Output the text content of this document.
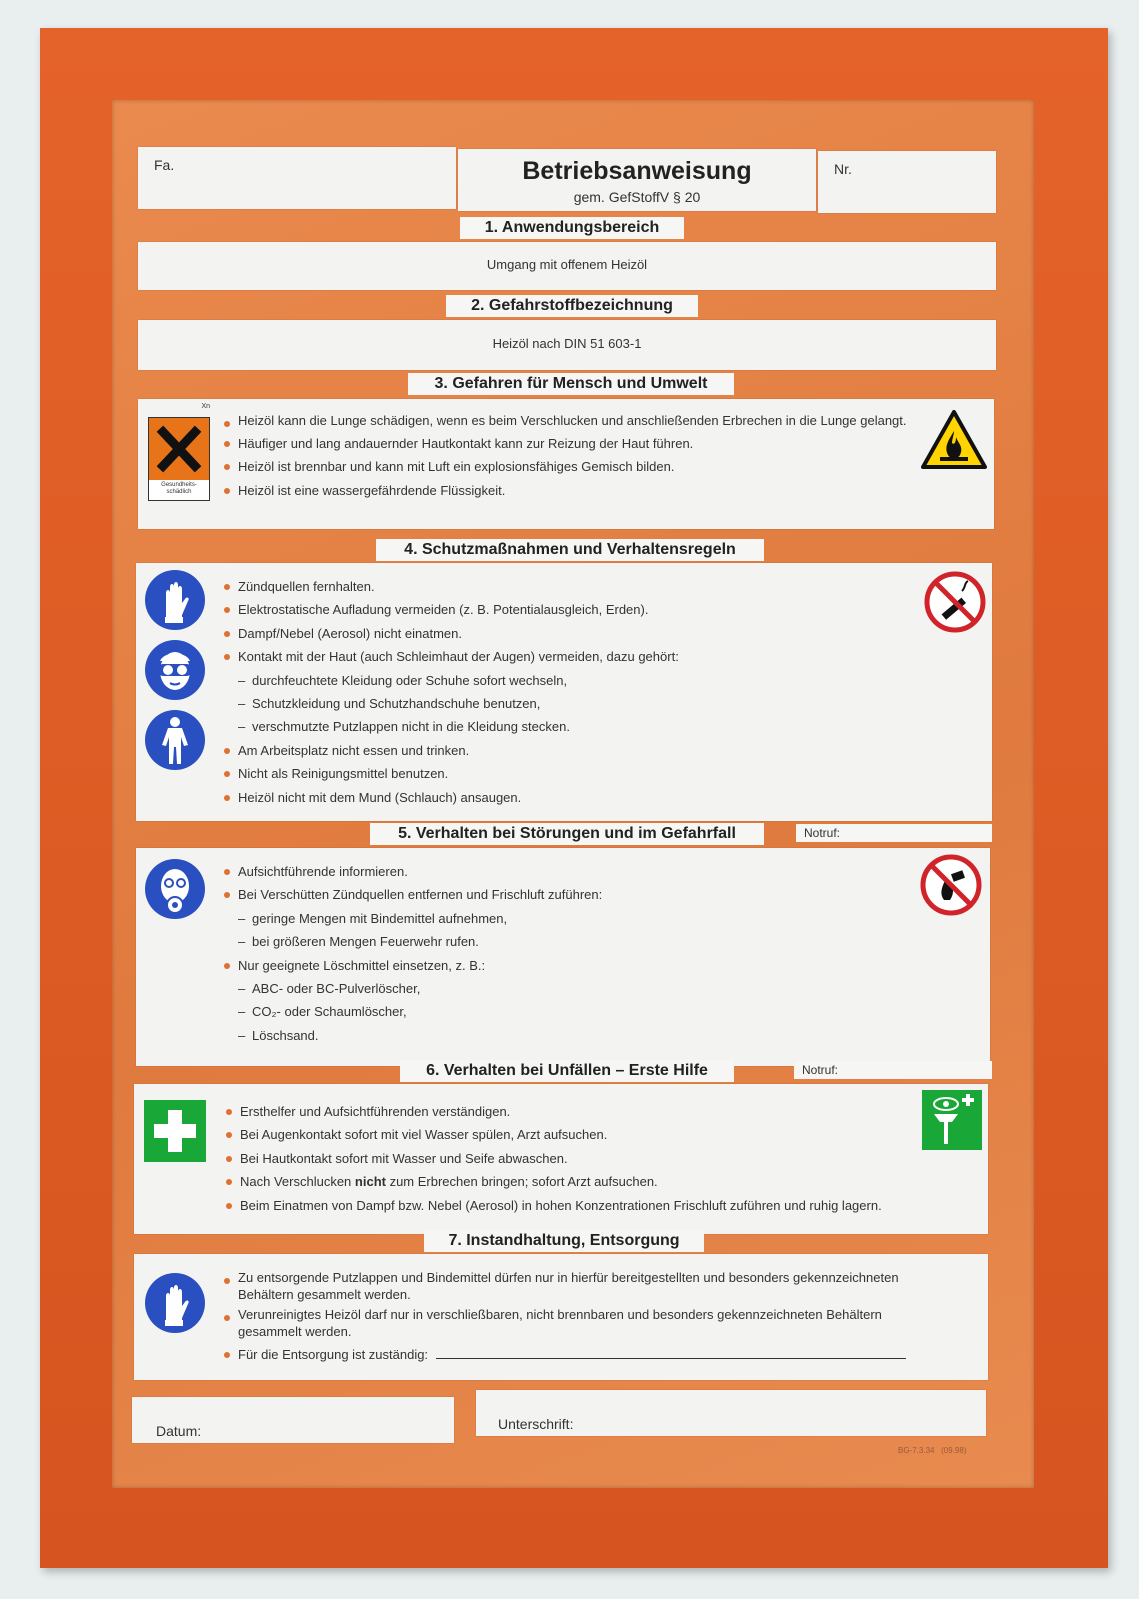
Fa.	Betriebsanweisung
gem. GefStoffV § 20
Nr.
1. Anwendungsbereich
Umgang mit offenem Heizöl
2. Gefahrstoffbezeichnung
Heizöl nach DIN 51 603-1
3. Gefahren für Mensch und Umwelt
Xn
Gesundheits-schädlich
Heizöl kann die Lunge schädigen, wenn es beim Verschlucken und anschließenden Erbrechen in die Lunge gelangt.
Häufiger und lang andauernder Hautkontakt kann zur Reizung der Haut führen.
Heizöl ist brennbar und kann mit Luft ein explosionsfähiges Gemisch bilden.
Heizöl ist eine wassergefährdende Flüssigkeit.
4. Schutzmaßnahmen und Verhaltensregeln
Zündquellen fernhalten.
Elektrostatische Aufladung vermeiden (z. B. Potentialausgleich, Erden).
Dampf/Nebel (Aerosol) nicht einatmen.
Kontakt mit der Haut (auch Schleimhaut der Augen) vermeiden, dazu gehört:
– durchfeuchtete Kleidung oder Schuhe sofort wechseln,
– Schutzkleidung und Schutzhandschuhe benutzen,
– verschmutzte Putzlappen nicht in die Kleidung stecken.
Am Arbeitsplatz nicht essen und trinken.
Nicht als Reinigungsmittel benutzen.
Heizöl nicht mit dem Mund (Schlauch) ansaugen.
5. Verhalten bei Störungen und im Gefahrfall	Notruf:
Aufsichtführende informieren.
Bei Verschütten Zündquellen entfernen und Frischluft zuführen:
– geringe Mengen mit Bindemittel aufnehmen,
– bei größeren Mengen Feuerwehr rufen.
Nur geeignete Löschmittel einsetzen, z. B.:
– ABC- oder BC-Pulverlöscher,
– CO₂- oder Schaumlöscher,
– Löschsand.
6. Verhalten bei Unfällen – Erste Hilfe	Notruf:
Ersthelfer und Aufsichtführenden verständigen.
Bei Augenkontakt sofort mit viel Wasser spülen, Arzt aufsuchen.
Bei Hautkontakt sofort mit Wasser und Seife abwaschen.
Nach Verschlucken nicht zum Erbrechen bringen; sofort Arzt aufsuchen.
Beim Einatmen von Dampf bzw. Nebel (Aerosol) in hohen Konzentrationen Frischluft zuführen und ruhig lagern.
7. Instandhaltung, Entsorgung
Zu entsorgende Putzlappen und Bindemittel dürfen nur in hierfür bereitgestellten und besonders gekennzeichneten Behältern gesammelt werden.
Verunreinigtes Heizöl darf nur in verschließbaren, nicht brennbaren und besonders gekennzeichneten Behältern gesammelt werden.
Für die Entsorgung ist zuständig:
Datum:	Unterschrift:
BG-7.3.34   (09.98)
